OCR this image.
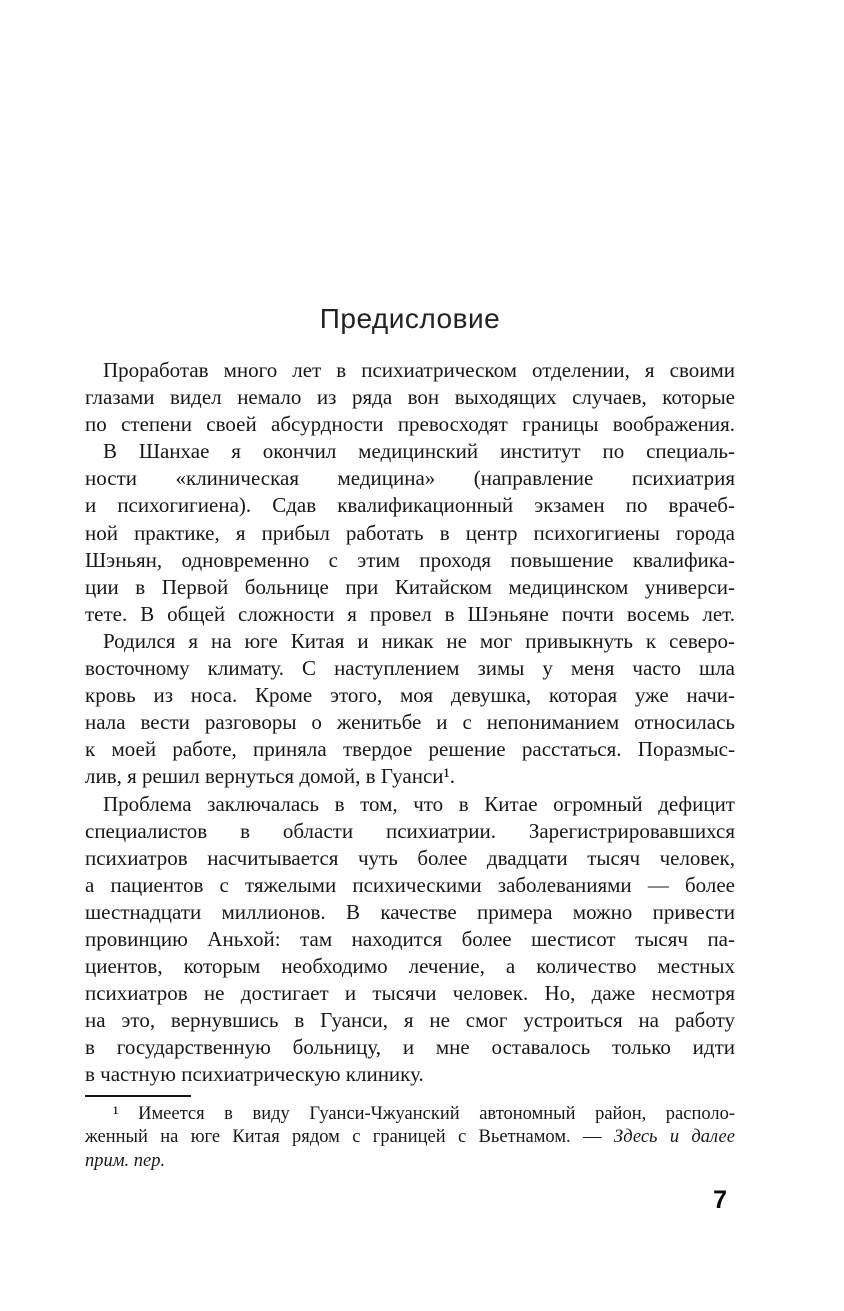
Предисловие
Проработав много лет в психиатрическом отделении, я своими
глазами видел немало из ряда вон выходящих случаев, которые
по степени своей абсурдности превосходят границы воображения.
В Шанхае я окончил медицинский институт по специаль-
ности «клиническая медицина» (направление психиатрия
и психогигиена). Сдав квалификационный экзамен по врачеб-
ной практике, я прибыл работать в центр психогигиены города
Шэньян, одновременно с этим проходя повышение квалифика-
ции в Первой больнице при Китайском медицинском универси-
тете. В общей сложности я провел в Шэньяне почти восемь лет.
Родился я на юге Китая и никак не мог привыкнуть к северо-
восточному климату. С наступлением зимы у меня часто шла
кровь из носа. Кроме этого, моя девушка, которая уже начи-
нала вести разговоры о женитьбе и с непониманием относилась
к моей работе, приняла твердое решение расстаться. Поразмыс-
лив, я решил вернуться домой, в Гуанси¹.
Проблема заключалась в том, что в Китае огромный дефицит
специалистов в области психиатрии. Зарегистрировавшихся
психиатров насчитывается чуть более двадцати тысяч человек,
а пациентов с тяжелыми психическими заболеваниями — более
шестнадцати миллионов. В качестве примера можно привести
провинцию Аньхой: там находится более шестисот тысяч па-
циентов, которым необходимо лечение, а количество местных
психиатров не достигает и тысячи человек. Но, даже несмотря
на это, вернувшись в Гуанси, я не смог устроиться на работу
в государственную больницу, и мне оставалось только идти
в частную психиатрическую клинику.
¹ Имеется в виду Гуанси-Чжуанский автономный район, располо-
женный на юге Китая рядом с границей с Вьетнамом. — Здесь и далее
прим. пер.
7
